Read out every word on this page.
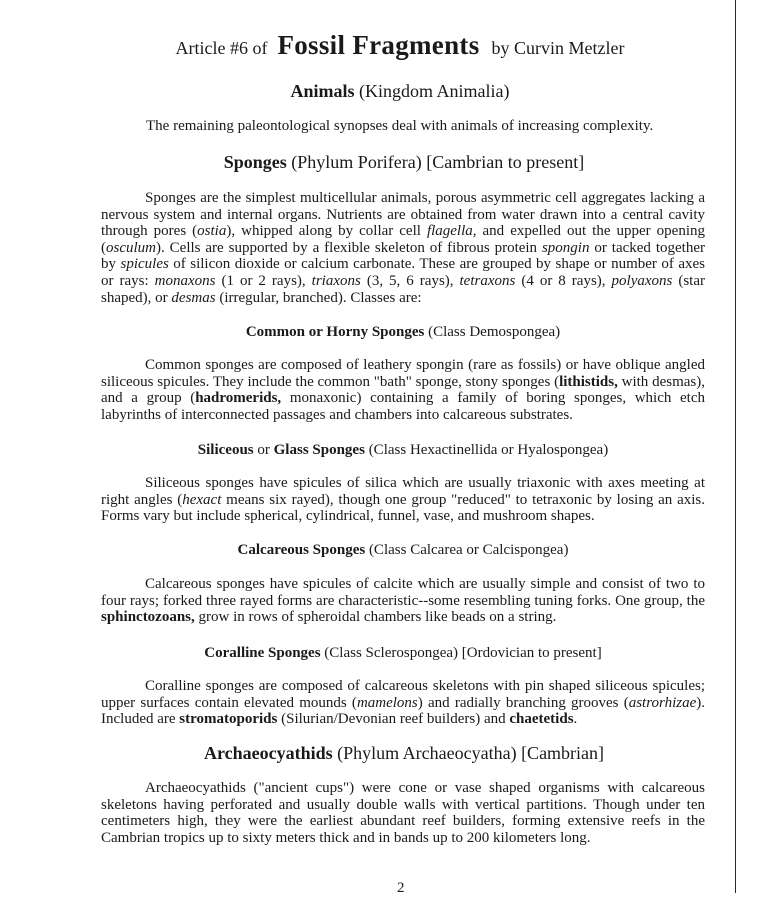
Article #6 of Fossil Fragments by Curvin Metzler
Animals (Kingdom Animalia)
The remaining paleontological synopses deal with animals of increasing complexity.
Sponges (Phylum Porifera) [Cambrian to present]
Sponges are the simplest multicellular animals, porous asymmetric cell aggregates lacking a nervous system and internal organs. Nutrients are obtained from water drawn into a central cavity through pores (ostia), whipped along by collar cell flagella, and expelled out the upper opening (osculum). Cells are supported by a flexible skeleton of fibrous protein spongin or tacked together by spicules of silicon dioxide or calcium carbonate. These are grouped by shape or number of axes or rays: monaxons (1 or 2 rays), triaxons (3, 5, 6 rays), tetraxons (4 or 8 rays), polyaxons (star shaped), or desmas (irregular, branched). Classes are:
Common or Horny Sponges (Class Demospongea)
Common sponges are composed of leathery spongin (rare as fossils) or have oblique angled siliceous spicules. They include the common "bath" sponge, stony sponges (lithistids, with desmas), and a group (hadromerids, monaxonic) containing a family of boring sponges, which etch labyrinths of interconnected passages and chambers into calcareous substrates.
Siliceous or Glass Sponges (Class Hexactinellida or Hyalospongea)
Siliceous sponges have spicules of silica which are usually triaxonic with axes meeting at right angles (hexact means six rayed), though one group "reduced" to tetraxonic by losing an axis. Forms vary but include spherical, cylindrical, funnel, vase, and mushroom shapes.
Calcareous Sponges (Class Calcarea or Calcispongea)
Calcareous sponges have spicules of calcite which are usually simple and consist of two to four rays; forked three rayed forms are characteristic--some resembling tuning forks. One group, the sphinctozoans, grow in rows of spheroidal chambers like beads on a string.
Coralline Sponges (Class Sclerospongea) [Ordovician to present]
Coralline sponges are composed of calcareous skeletons with pin shaped siliceous spicules; upper surfaces contain elevated mounds (mamelons) and radially branching grooves (astrorhizae). Included are stromatoporids (Silurian/Devonian reef builders) and chaetetids.
Archaeocyathids (Phylum Archaeocyatha) [Cambrian]
Archaeocyathids ("ancient cups") were cone or vase shaped organisms with calcareous skeletons having perforated and usually double walls with vertical partitions. Though under ten centimeters high, they were the earliest abundant reef builders, forming extensive reefs in the Cambrian tropics up to sixty meters thick and in bands up to 200 kilometers long.
2
